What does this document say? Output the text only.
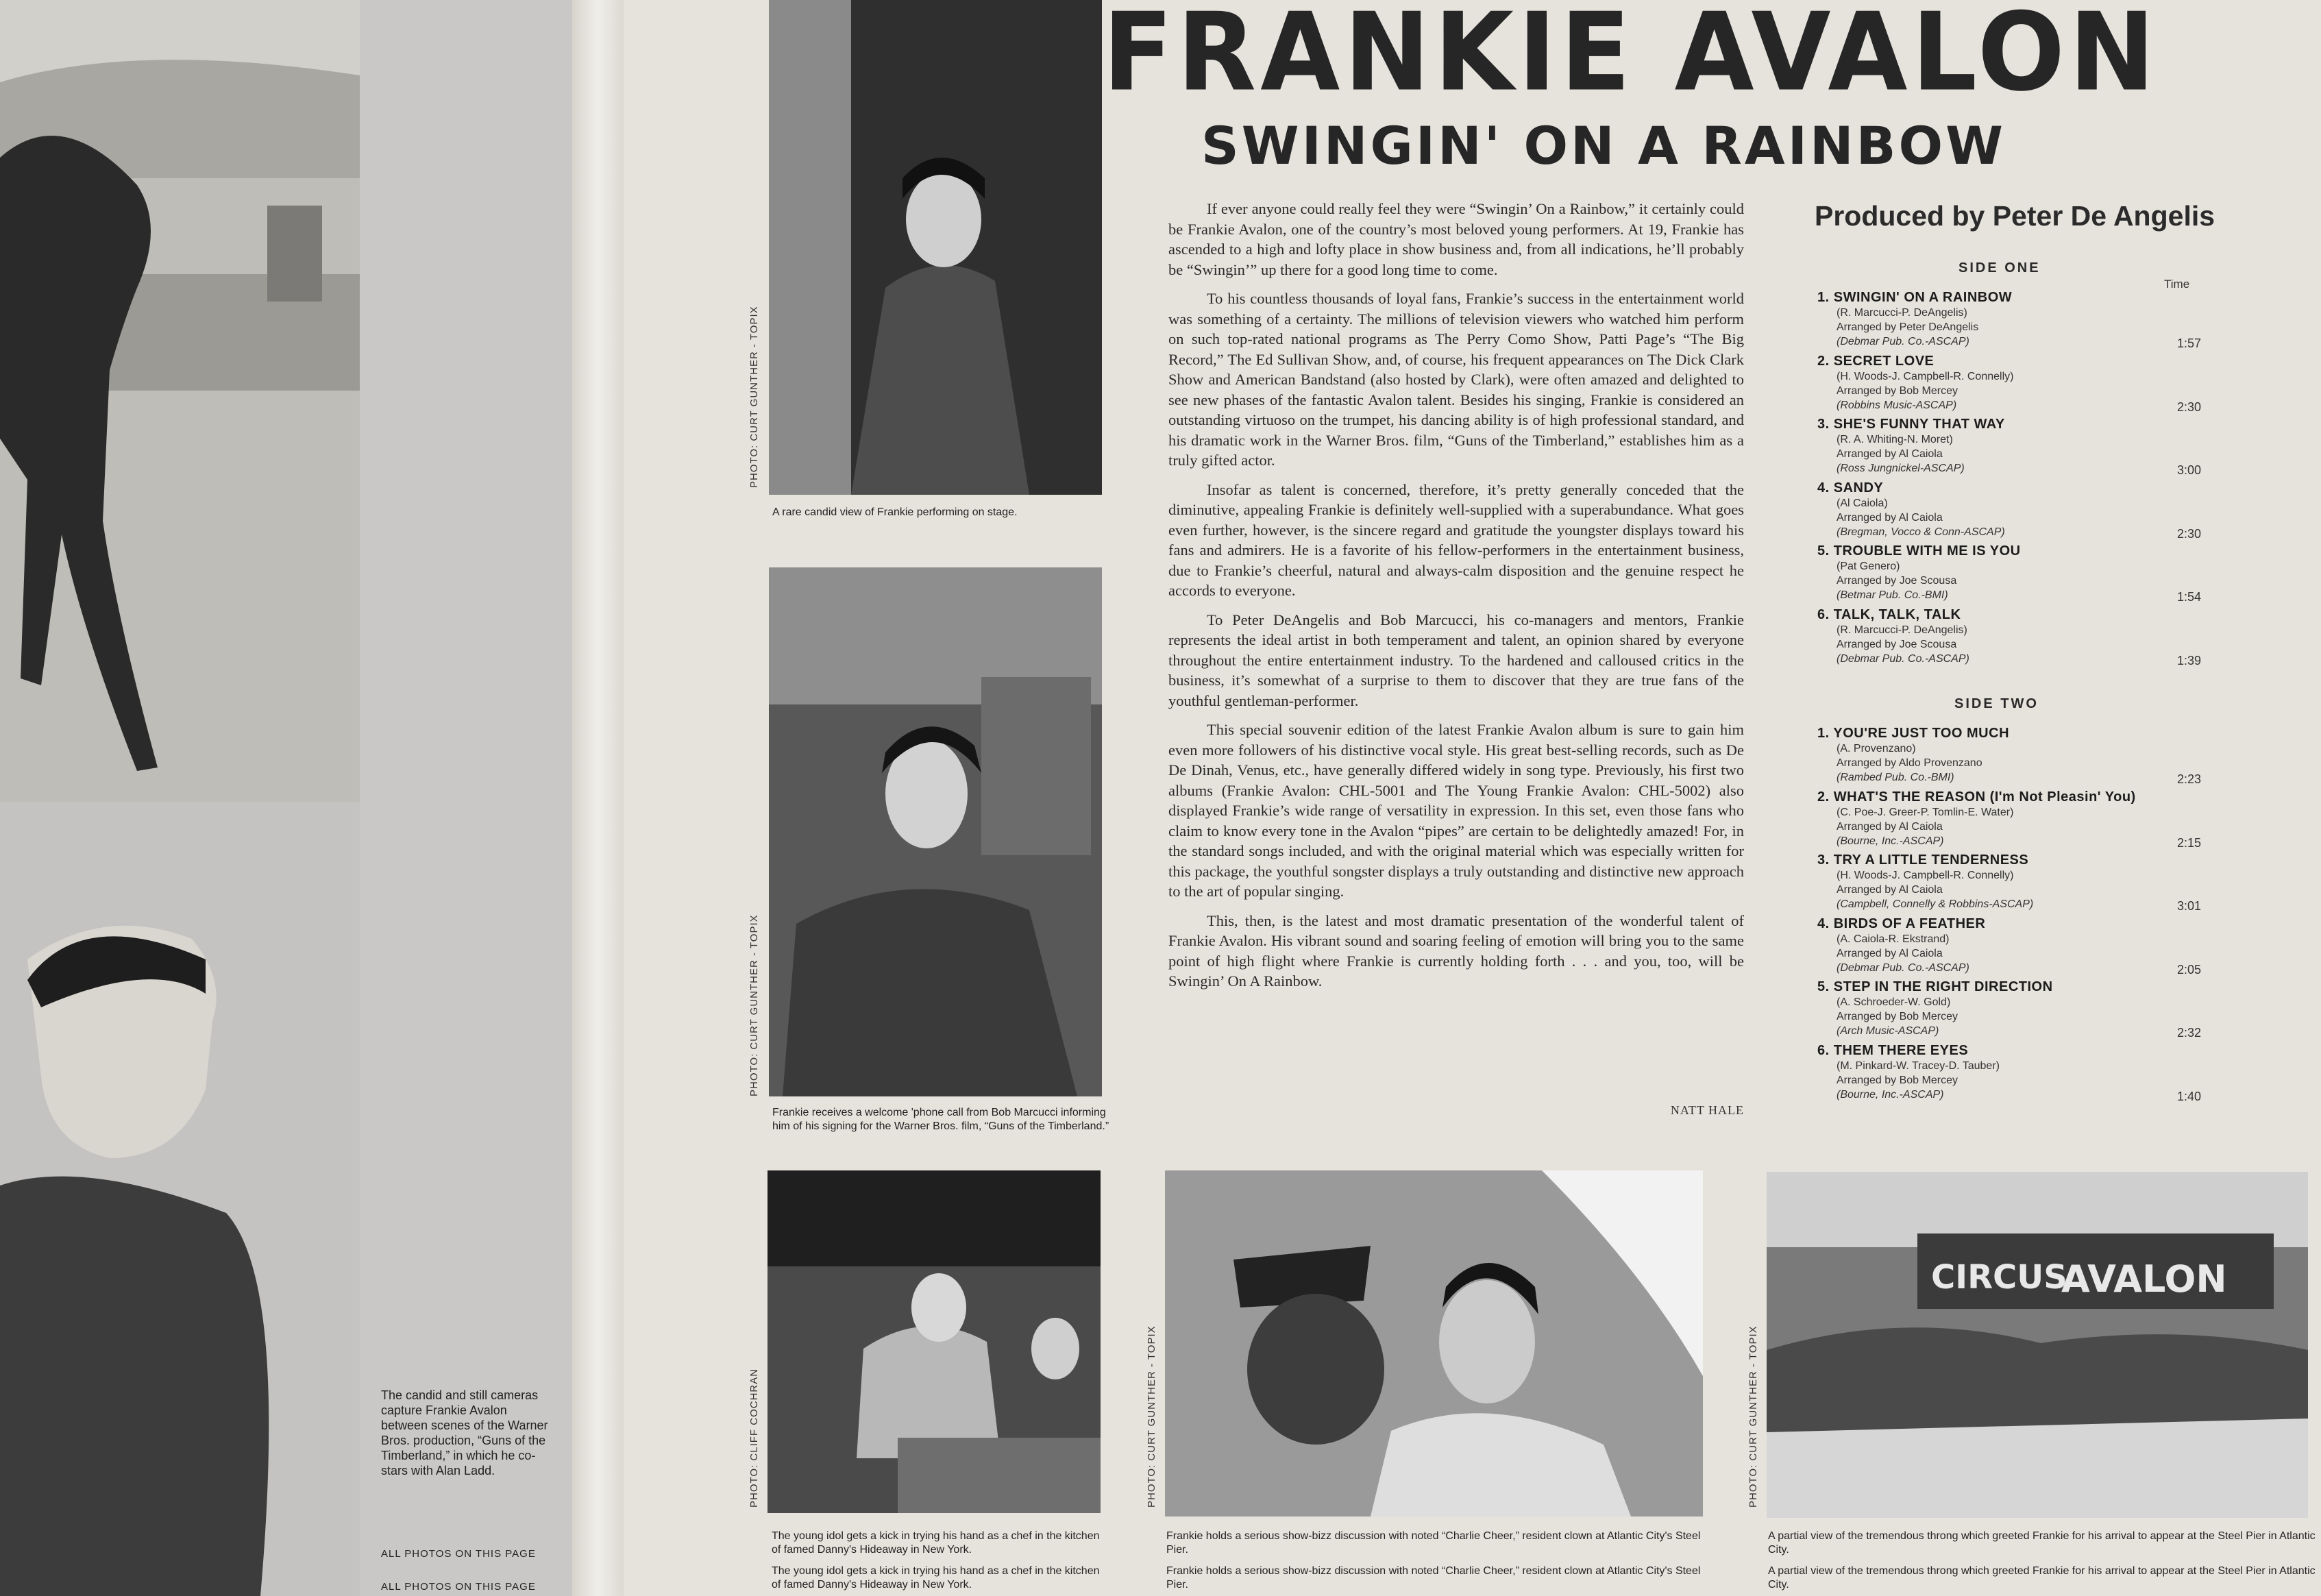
The candid and still cameras capture Frankie Avalon between scenes of the Warner Bros. production, “Guns of the Timberland,” in which he co-stars with Alan Ladd.
ALL PHOTOS ON THIS PAGE
ALL PHOTOS ON THIS PAGE
PHOTO: CURT GUNTHER - TOPIX
A rare candid view of Frankie performing on stage.
PHOTO: CURT GUNTHER - TOPIX
Frankie receives a welcome 'phone call from Bob Marcucci informing him of his signing for the Warner Bros. film, “Guns of the Timberland.”
FRANKIE AVALON
SWINGIN' ON A RAINBOW

If ever anyone could really feel they were “Swingin’ On a Rainbow,” it certainly could be Frankie Avalon, one of the country’s most beloved young performers. At 19, Frankie has ascended to a high and lofty place in show business and, from all indications, he’ll probably be “Swingin’” up there for a good long time to come.

To his countless thousands of loyal fans, Frankie’s success in the entertainment world was something of a certainty. The millions of television viewers who watched him perform on such top-rated national programs as The Perry Como Show, Patti Page’s “The Big Record,” The Ed Sullivan Show, and, of course, his frequent appearances on The Dick Clark Show and American Bandstand (also hosted by Clark), were often amazed and delighted to see new phases of the fantastic Avalon talent. Besides his singing, Frankie is considered an outstanding virtuoso on the trumpet, his dancing ability is of high professional standard, and his dramatic work in the Warner Bros. film, “Guns of the Timberland,” establishes him as a truly gifted actor.

Insofar as talent is concerned, therefore, it’s pretty generally conceded that the diminutive, appealing Frankie is definitely well-supplied with a superabundance. What goes even further, however, is the sincere regard and gratitude the youngster displays toward his fans and admirers. He is a favorite of his fellow-performers in the entertainment business, due to Frankie’s cheerful, natural and always-calm disposition and the genuine respect he accords to everyone.

To Peter DeAngelis and Bob Marcucci, his co-managers and mentors, Frankie represents the ideal artist in both temperament and talent, an opinion shared by everyone throughout the entire entertainment industry. To the hardened and calloused critics in the business, it’s somewhat of a surprise to them to discover that they are true fans of the youthful gentleman-performer.

This special souvenir edition of the latest Frankie Avalon album is sure to gain him even more followers of his distinctive vocal style. His great best-selling records, such as De De Dinah, Venus, etc., have generally differed widely in song type. Previously, his first two albums (Frankie Avalon: CHL-5001 and The Young Frankie Avalon: CHL-5002) also displayed Frankie’s wide range of versatility in expression. In this set, even those fans who claim to know every tone in the Avalon “pipes” are certain to be delightedly amazed! For, in the standard songs included, and with the original material which was especially written for this package, the youthful songster displays a truly outstanding and distinctive new approach to the art of popular singing.

This, then, is the latest and most dramatic presentation of the wonderful talent of Frankie Avalon. His vibrant sound and soaring feeling of emotion will bring you to the same point of high flight where Frankie is currently holding forth . . . and you, too, will be Swingin’ On A Rainbow.

NATT HALE
Produced by Peter De Angelis
SIDE ONE
Time
1. SWINGIN' ON A RAINBOW
(R. Marcucci-P. DeAngelis)
Arranged by Peter DeAngelis
(Debmar Pub. Co.-ASCAP)	1:57
2. SECRET LOVE
(H. Woods-J. Campbell-R. Connelly)
Arranged by Bob Mercey
(Robbins Music-ASCAP)	2:30
3. SHE'S FUNNY THAT WAY
(R. A. Whiting-N. Moret)
Arranged by Al Caiola
(Ross Jungnickel-ASCAP)	3:00
4. SANDY
(Al Caiola)
Arranged by Al Caiola
(Bregman, Vocco & Conn-ASCAP)	2:30
5. TROUBLE WITH ME IS YOU
(Pat Genero)
Arranged by Joe Scousa
(Betmar Pub. Co.-BMI)	1:54
6. TALK, TALK, TALK
(R. Marcucci-P. DeAngelis)
Arranged by Joe Scousa
(Debmar Pub. Co.-ASCAP)	1:39
SIDE TWO
1. YOU'RE JUST TOO MUCH
(A. Provenzano)
Arranged by Aldo Provenzano
(Rambed Pub. Co.-BMI)	2:23
2. WHAT'S THE REASON (I'm Not Pleasin' You)
(C. Poe-J. Greer-P. Tomlin-E. Water)
Arranged by Al Caiola
(Bourne, Inc.-ASCAP)	2:15
3. TRY A LITTLE TENDERNESS
(H. Woods-J. Campbell-R. Connelly)
Arranged by Al Caiola
(Campbell, Connelly & Robbins-ASCAP)	3:01
4. BIRDS OF A FEATHER
(A. Caiola-R. Ekstrand)
Arranged by Al Caiola
(Debmar Pub. Co.-ASCAP)	2:05
5. STEP IN THE RIGHT DIRECTION
(A. Schroeder-W. Gold)
Arranged by Bob Mercey
(Arch Music-ASCAP)	2:32
6. THEM THERE EYES
(M. Pinkard-W. Tracey-D. Tauber)
Arranged by Bob Mercey
(Bourne, Inc.-ASCAP)	1:40
PHOTO: CLIFF COCHRAN
The young idol gets a kick in trying his hand as a chef in the kitchen of famed Danny's Hideaway in New York.
The young idol gets a kick in trying his hand as a chef in the kitchen of famed Danny's Hideaway in New York.
PHOTO: CURT GUNTHER - TOPIX
Frankie holds a serious show-bizz discussion with noted “Charlie Cheer,” resident clown at Atlantic City's Steel Pier.
Frankie holds a serious show-bizz discussion with noted “Charlie Cheer,” resident clown at Atlantic City's Steel Pier.
CIRCUS
AVALON
PHOTO: CURT GUNTHER - TOPIX
A partial view of the tremendous throng which greeted Frankie for his arrival to appear at the Steel Pier in Atlantic City.
A partial view of the tremendous throng which greeted Frankie for his arrival to appear at the Steel Pier in Atlantic City.
